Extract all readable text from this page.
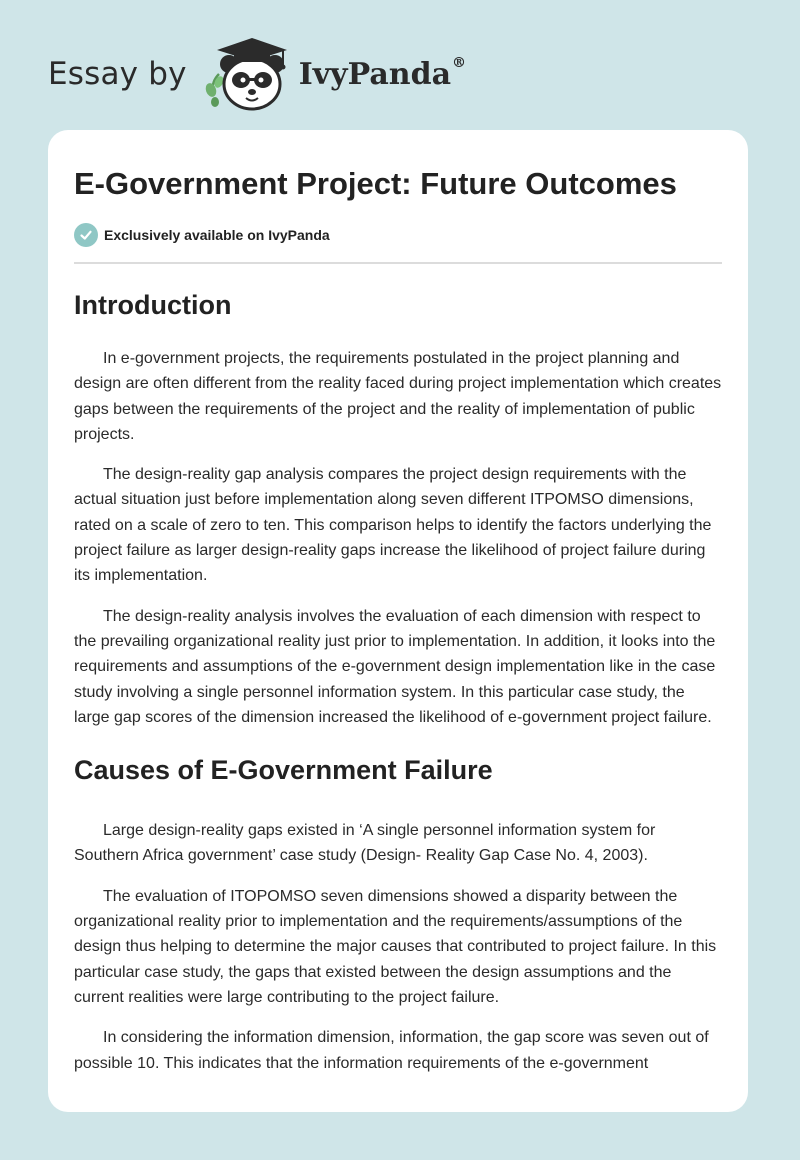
Essay by	IvyPanda®
E-Government Project: Future Outcomes
Exclusively available on IvyPanda
Introduction

In e-government projects, the requirements postulated in the project planning and design are often different from the reality faced during project implementation which creates gaps between the requirements of the project and the reality of implementation of public projects.

The design-reality gap analysis compares the project design requirements with the actual situation just before implementation along seven different ITPOMSO dimensions, rated on a scale of zero to ten. This comparison helps to identify the factors underlying the project failure as larger design-reality gaps increase the likelihood of project failure during its implementation.

The design-reality analysis involves the evaluation of each dimension with respect to the prevailing organizational reality just prior to implementation. In addition, it looks into the requirements and assumptions of the e-government design implementation like in the case study involving a single personnel information system. In this particular case study, the large gap scores of the dimension increased the likelihood of e-government project failure.

Causes of E-Government Failure

Large design-reality gaps existed in ‘A single personnel information system for Southern Africa government’ case study (Design- Reality Gap Case No. 4, 2003).

The evaluation of ITOPOMSO seven dimensions showed a disparity between the organizational reality prior to implementation and the requirements/assumptions of the design thus helping to determine the major causes that contributed to project failure. In this particular case study, the gaps that existed between the design assumptions and the current realities were large contributing to the project failure.

In considering the information dimension, information, the gap score was seven out of possible 10. This indicates that the information requirements of the e-government
